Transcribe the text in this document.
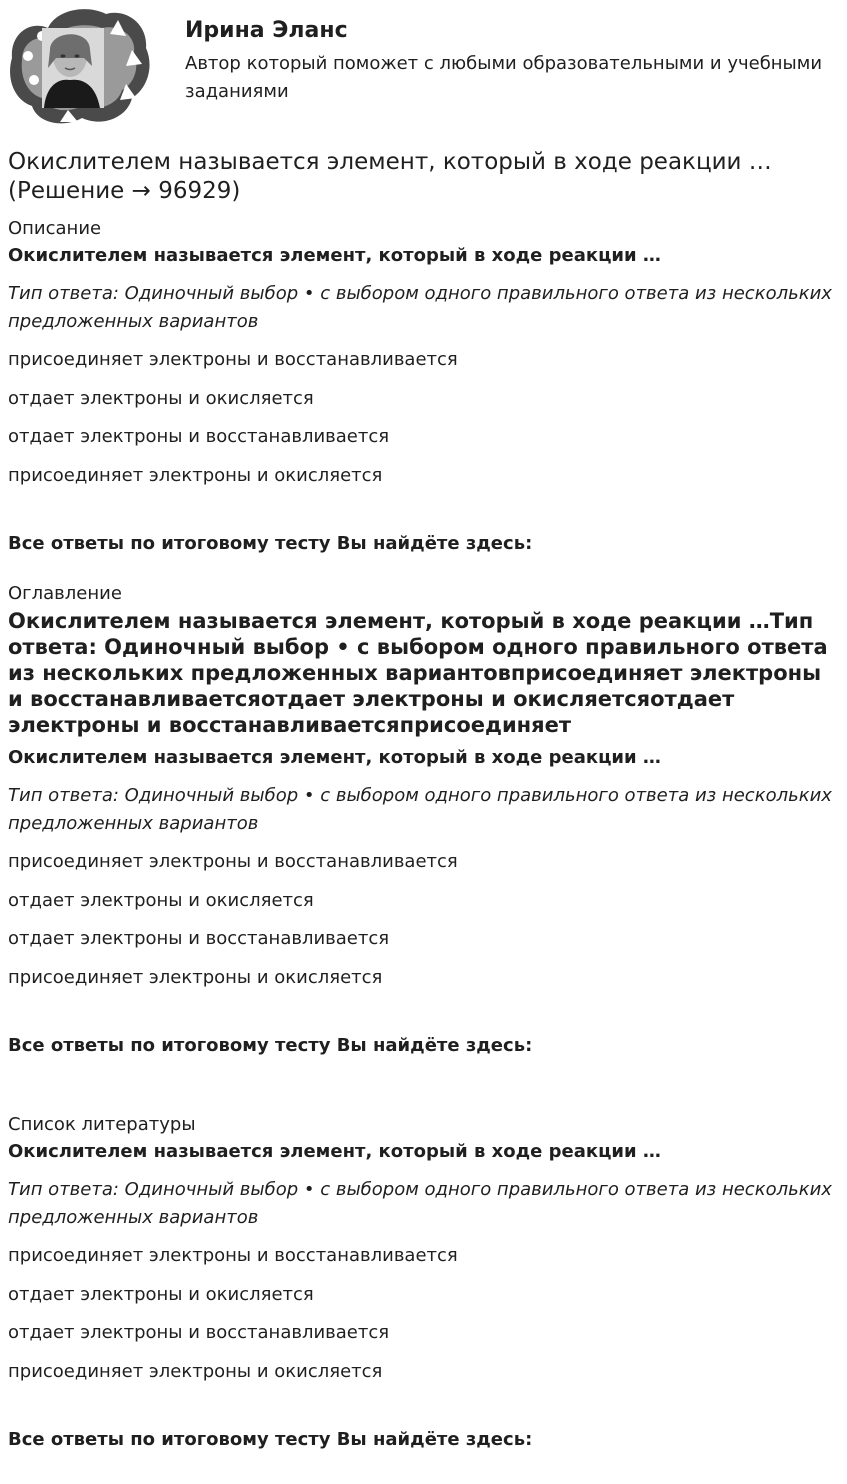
Ирина Эланс
Автор который поможет с любыми образовательными и учебными заданиями
Окислителем называется элемент, который в ходе реакции … (Решение → 96929)
Описание
Окислителем называется элемент, который в ходе реакции …
Тип ответа: Одиночный выбор • с выбором одного правильного ответа из нескольких предложенных вариантов
присоединяет электроны и восстанавливается
отдает электроны и окисляется
отдает электроны и восстанавливается
присоединяет электроны и окисляется
Все ответы по итоговому тесту Вы найдёте здесь:
Оглавление
Окислителем называется элемент, который в ходе реакции …Тип ответа: Одиночный выбор • с выбором одного правильного ответа из нескольких предложенных вариантовприсоединяет электроны и восстанавливаетсяотдает электроны и окисляетсяотдает электроны и восстанавливаетсяприсоединяет
Окислителем называется элемент, который в ходе реакции …
Тип ответа: Одиночный выбор • с выбором одного правильного ответа из нескольких предложенных вариантов
присоединяет электроны и восстанавливается
отдает электроны и окисляется
отдает электроны и восстанавливается
присоединяет электроны и окисляется
Все ответы по итоговому тесту Вы найдёте здесь:
Список литературы
Окислителем называется элемент, который в ходе реакции …
Тип ответа: Одиночный выбор • с выбором одного правильного ответа из нескольких предложенных вариантов
присоединяет электроны и восстанавливается
отдает электроны и окисляется
отдает электроны и восстанавливается
присоединяет электроны и окисляется
Все ответы по итоговому тесту Вы найдёте здесь:
